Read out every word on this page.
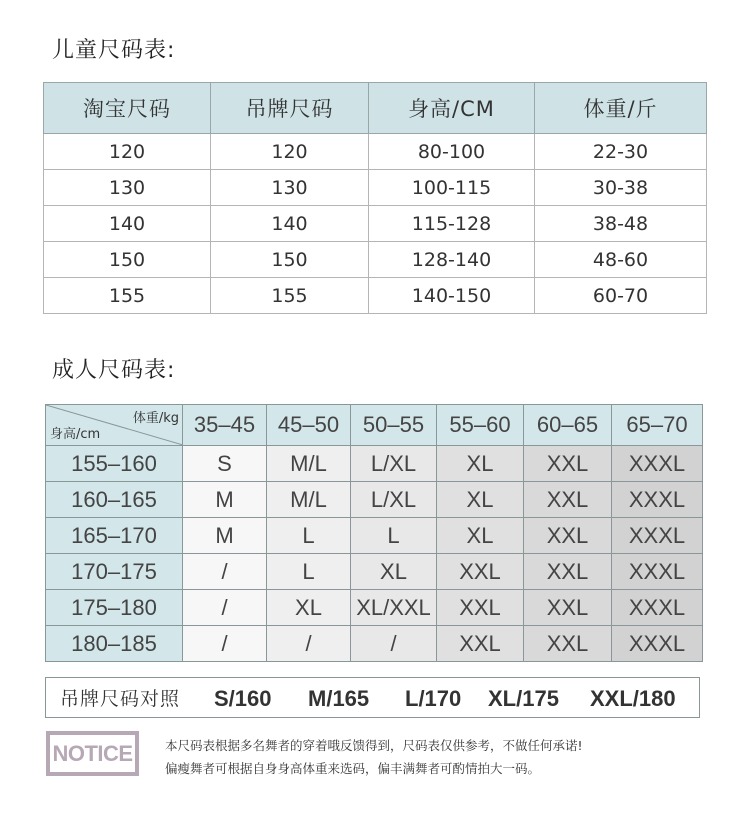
儿童尺码表:
淘宝尺码	吊牌尺码	身高/CM	体重/斤
120	120	80-100	22-30
130	130	100-115	30-38
140	140	115-128	38-48
150	150	128-140	48-60
155	155	140-150	60-70
成人尺码表:
体重/kg
身高/cm	35–45	45–50	50–55	55–60	60–65	65–70
155–160	S	M/L	L/XL	XL	XXL	XXXL
160–165	M	M/L	L/XL	XL	XXL	XXXL
165–170	M	L	L	XL	XXL	XXXL
170–175	/	L	XL	XXL	XXL	XXXL
175–180	/	XL	XL/XXL	XXL	XXL	XXXL
180–185	/	/	/	XXL	XXL	XXXL
吊牌尺码对照 S/160 M/165 L/170 XL/175 XXL/180
NOTICE	本尺码表根据多名舞者的穿着哦反馈得到，尺码表仅供参考，不做任何承诺!
偏瘦舞者可根据自身身高体重来选码，偏丰满舞者可酌情拍大一码。
